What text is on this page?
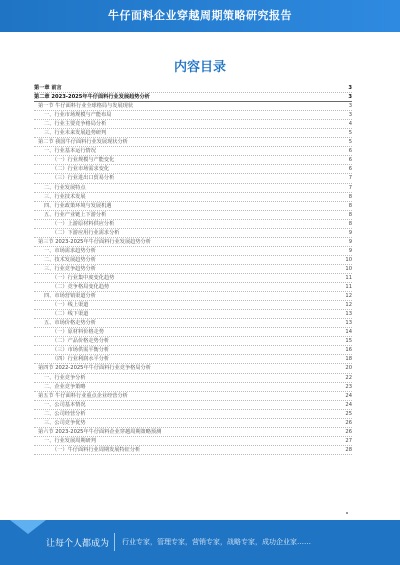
牛仔面料企业穿越周期策略研究报告
内容目录
第一章 前言	3
第二章 2023-2025年牛仔面料行业发展趋势分析	3
第一节 牛仔面料行业全球格局与发展现状	3
一、行业市场规模与产能布局	3
二、行业主要竞争格局分析	4
三、行业未来发展趋势研判	5
第二节 我国牛仔面料行业发展现状分析	5
一、行业基本运行情况	6
（一）行业规模与产能变化	6
（二）行业市场需求变化	6
（三）行业进出口贸易分析	7
二、行业发展特点	7
三、行业技术发展	8
四、行业政策环境与发展机遇	8
五、行业产业链上下游分析	8
（一）上游原材料供应分析	8
（二）下游应用行业需求分析	9
第三节 2023-2025年牛仔面料行业发展趋势分析	9
一、市场需求趋势分析	9
二、技术发展趋势分析	10
三、行业竞争趋势分析	10
（一）行业集中度变化趋势	11
（二）竞争格局变化趋势	11
四、市场营销渠道分析	12
（一）线上渠道	12
（二）线下渠道	13
五、市场价格走势分析	13
（一）原材料价格走势	14
（二）产品价格走势分析	15
（三）市场供需平衡分析	16
（四）行业利润水平分析	18
第四节 2022-2025年牛仔面料行业竞争格局分析	20
一、行业竞争分析	22
二、企业竞争策略	23
第五节 牛仔面料行业重点企业经营分析	24
一、公司基本情况	24
二、公司经营分析	25
三、公司竞争优势	26
第六节 2023-2025年牛仔面料企业穿越周期策略预测	26
一、行业发展周期研判	27
（一）牛仔面料行业周期发展特征分析	28
让每个人都成为 行业专家，管理专家，营销专家，战略专家，成功企业家……
